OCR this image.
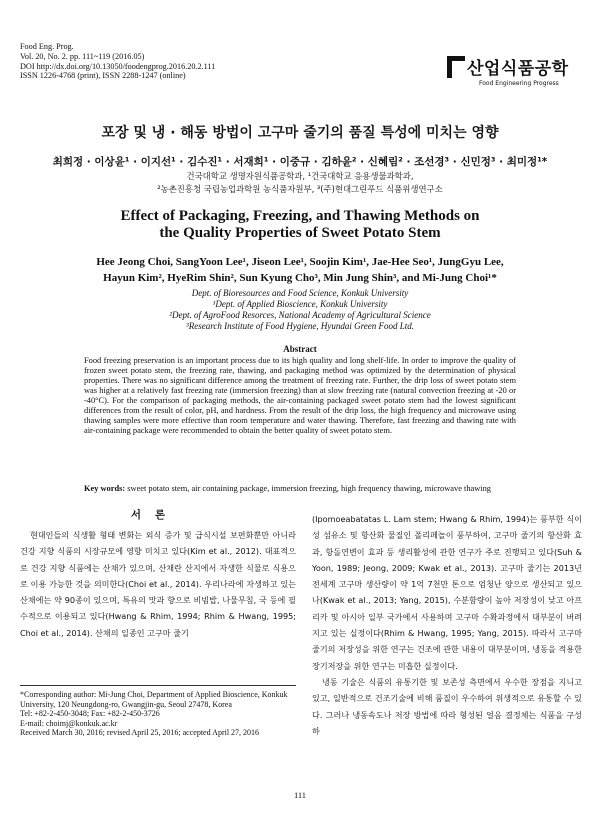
Food Eng. Prog.
Vol. 20, No. 2. pp. 111~119 (2016.05)
DOI http://dx.doi.org/10.13050/foodengprog.2016.20.2.111
ISSN 1226-4768 (print), ISSN 2288-1247 (online)	산업식품공학
Food Engineering Progress
포장 및 냉 · 해동 방법이 고구마 줄기의 품질 특성에 미치는 영향
최희정 · 이상윤¹ · 이지선¹ · 김수진¹ · 서재희¹ · 이중규 · 김하윤² · 신혜림² · 조선경³ · 신민정³ · 최미정¹*
건국대학교 생명자원식품공학과, ¹건국대학교 응용생물과학과,
²농촌진흥청 국립농업과학원 농식품자원부, ³(주)현대그린푸드 식품위생연구소
Effect of Packaging, Freezing, and Thawing Methods on
the Quality Properties of Sweet Potato Stem
Hee Jeong Choi, SangYoon Lee¹, Jiseon Lee¹, Soojin Kim¹, Jae-Hee Seo¹, JungGyu Lee,
Hayun Kim², HyeRim Shin², Sun Kyung Cho³, Min Jung Shin³, and Mi-Jung Choi¹*
Dept. of Bioresources and Food Science, Konkuk University
¹Dept. of Applied Bioscience, Konkuk University
²Dept. of AgroFood Resorces, National Academy of Agricultural Science
³Research Institute of Food Hygiene, Hyundai Green Food Ltd.
Abstract
Food freezing preservation is an important process due to its high quality and long shelf-life. In order to improve the quality of frozen sweet potato stem, the freezing rate, thawing, and packaging method was optimized by the determination of physical properties. There was no significant difference among the treatment of freezing rate. Further, the drip loss of sweet potato stem was higher at a relatively fast freezing rate (immersion freezing) than at slow freezing rate (natural convection freezing at -20 or -40°C). For the comparison of packaging methods, the air-containing packaged sweet potato stem had the lowest significant differences from the result of color, pH, and hardness. From the result of the drip loss, the high frequency and microwave using thawing samples were more effective than room temperature and water thawing. Therefore, fast freezing and thawing rate with air-containing package were recommended to obtain the better quality of sweet potato stem.
Key words: sweet potato stem, air containing package, immersion freezing, high frequency thawing, microwave thawing
서론

현대인들의 식생활 형태 변화는 외식 증가 및 급식시설 보편화뿐만 아니라 건강 지향 식품의 시장규모에 영향 미치고 있다(Kim et al., 2012). 대표적으로 건강 지향 식품에는 산채가 있으며, 산채란 산지에서 자생한 식물로 식용으로 이용 가능한 것을 의미한다(Choi et al., 2014). 우리나라에 자생하고 있는 산채에는 약 90종이 있으며, 특유의 맛과 향으로 비빔밥, 나물무침, 국 등에 필수적으로 이용되고 있다(Hwang & Rhim, 1994; Rhim & Hwang, 1995; Choi et al., 2014). 산채의 일종인 고구마 줄기

*Corresponding author: Mi-Jung Choi, Department of Applied Bioscience, Konkuk University, 120 Neungdong-ro, Gwangjin-gu, Seoul 27478, Korea
Tel: +82-2-450-3048; Fax: +82-2-450-3726
E-mail: choimj@konkuk.ac.kr
Received March 30, 2016; revised April 25, 2016; accepted April 27, 2016

(Ipomoeabatatas L. Lam stem; Hwang & Rhim, 1994)는 풍부한 식이성 섬유소 및 항산화 물질인 폴리페놀이 풍부하여, 고구마 줄기의 항산화 효과, 항돌연변이 효과 등 생리활성에 관한 연구가 주로 진행되고 있다(Suh & Yoon, 1989; Jeong, 2009; Kwak et al., 2013). 고구마 줄기는 2013년 전세계 고구마 생산량이 약 1억 7천만 톤으로 엄청난 양으로 생산되고 있으나(Kwak et al., 2013; Yang, 2015), 수분함량이 높아 저장성이 낮고 아프리카 및 아시아 일부 국가에서 사용하며 고구마 수확과정에서 대부분이 버려지고 있는 실정이다(Rhim & Hwang, 1995; Yang, 2015). 따라서 고구마 줄기의 저장성을 위한 연구는 건조에 관한 내용이 대부분이며, 냉동을 적용한 장기저장을 위한 연구는 미흡한 실정이다.

냉동 기술은 식품의 유통기한 및 보존성 측면에서 우수한 장점을 지니고 있고, 일반적으로 건조기술에 비해 품질이 우수하여 위생적으로 유통할 수 있다. 그러나 냉동속도나 저장 방법에 따라 형성된 얼음 결정체는 식품을 구성하

111
